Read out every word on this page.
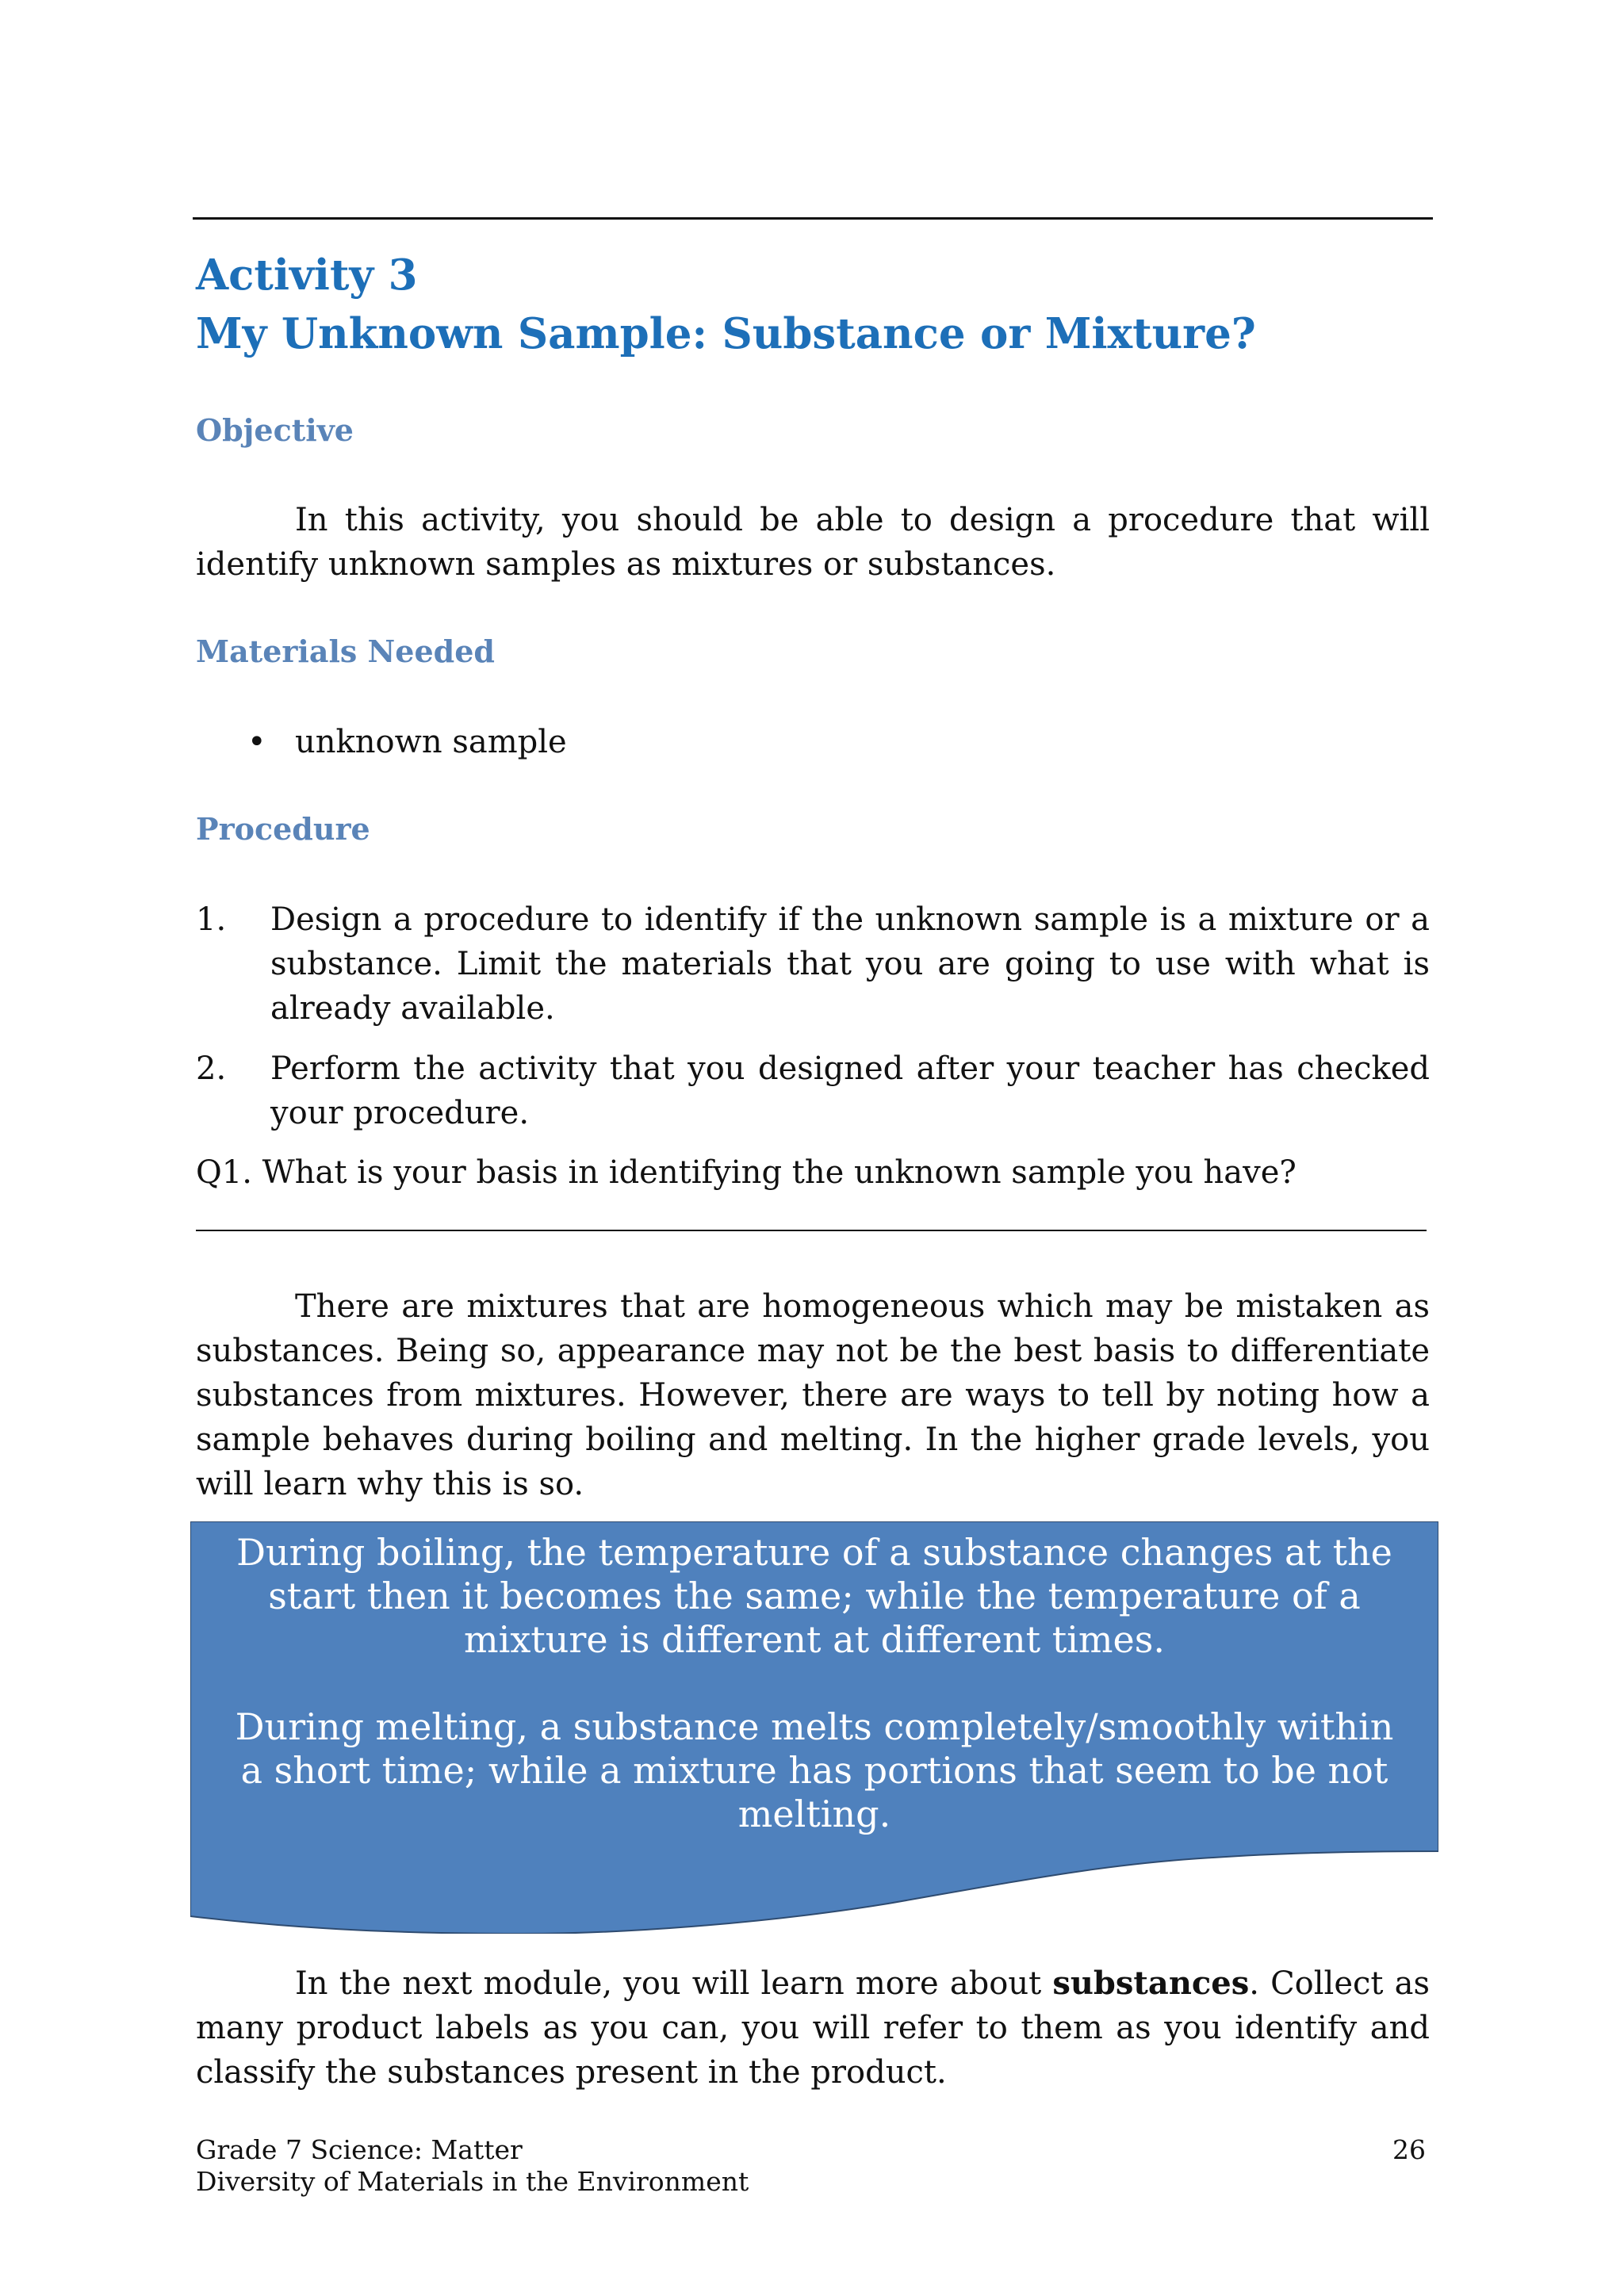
Activity 3
My Unknown Sample: Substance or Mixture?
Objective

In this activity, you should be able to design a procedure that will identify unknown samples as mixtures or substances.

Materials Needed
• unknown sample
Procedure
1. Design a procedure to identify if the unknown sample is a mixture or a substance. Limit the materials that you are going to use with what is already available.
2. Perform the activity that you designed after your teacher has checked your procedure.

Q1. What is your basis in identifying the unknown sample you have?

There are mixtures that are homogeneous which may be mistaken as substances. Being so, appearance may not be the best basis to differentiate substances from mixtures. However, there are ways to tell by noting how a sample behaves during boiling and melting. In the higher grade levels, you will learn why this is so.

During boiling, the temperature of a substance changes at the start then it becomes the same; while the temperature of a mixture is different at different times.

During melting, a substance melts completely/smoothly within a short time; while a mixture has portions that seem to be not melting.

In the next module, you will learn more about substances. Collect as many product labels as you can, you will refer to them as you identify and classify the substances present in the product.

Grade 7 Science: Matter
Diversity of Materials in the Environment
26
